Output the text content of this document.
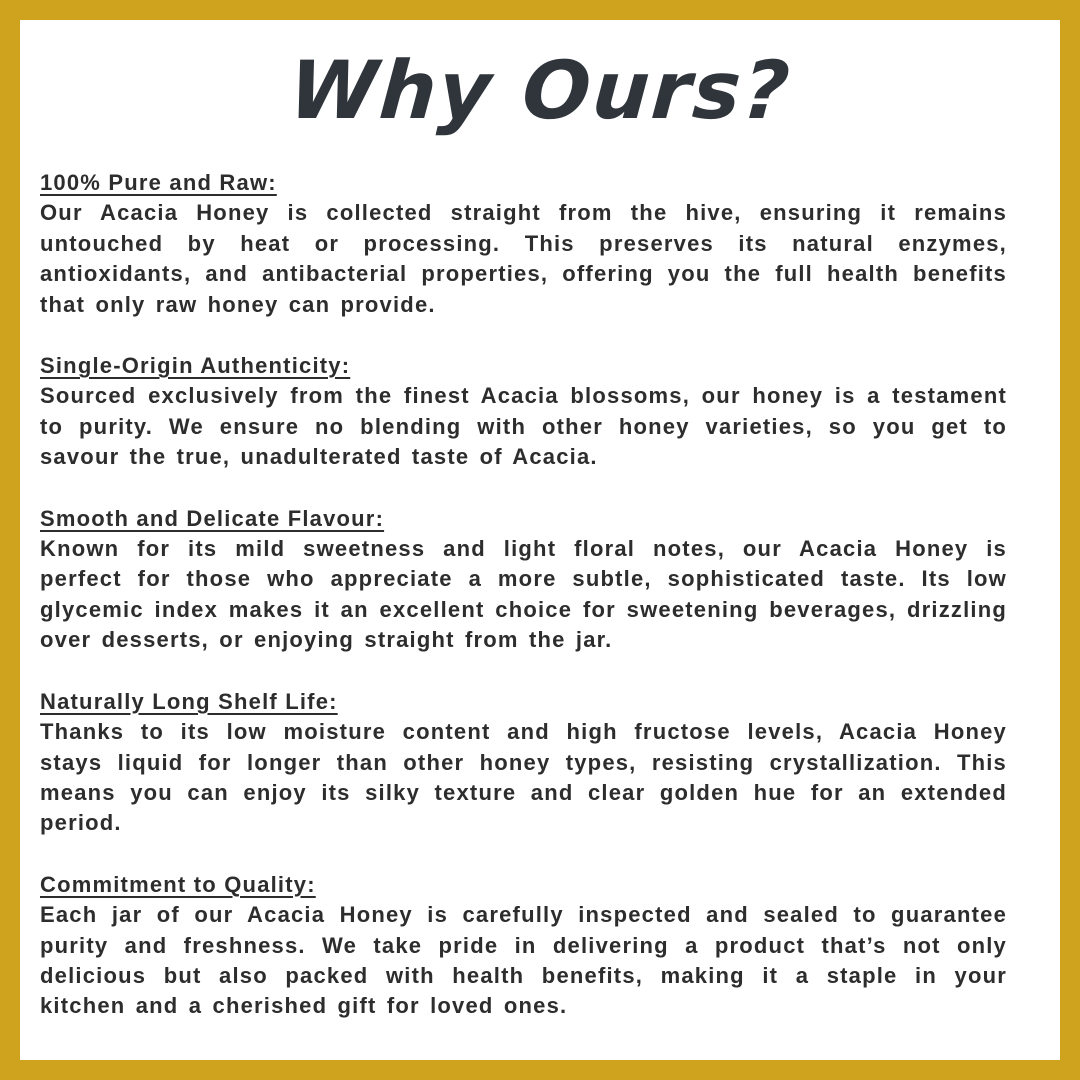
Why Ours?
100% Pure and Raw:

Our Acacia Honey is collected straight from the hive, ensuring it remains untouched by heat or processing. This preserves its natural enzymes, antioxidants, and antibacterial properties, offering you the full health benefits that only raw honey can provide.

Single-Origin Authenticity:

Sourced exclusively from the finest Acacia blossoms, our honey is a testament to purity. We ensure no blending with other honey varieties, so you get to savour the true, unadulterated taste of Acacia.

Smooth and Delicate Flavour:

Known for its mild sweetness and light floral notes, our Acacia Honey is perfect for those who appreciate a more subtle, sophisticated taste. Its low glycemic index makes it an excellent choice for sweetening beverages, drizzling over desserts, or enjoying straight from the jar.

Naturally Long Shelf Life:

Thanks to its low moisture content and high fructose levels, Acacia Honey stays liquid for longer than other honey types, resisting crystallization. This means you can enjoy its silky texture and clear golden hue for an extended period.

Commitment to Quality:

Each jar of our Acacia Honey is carefully inspected and sealed to guarantee purity and freshness. We take pride in delivering a product that’s not only delicious but also packed with health benefits, making it a staple in your kitchen and a cherished gift for loved ones.
